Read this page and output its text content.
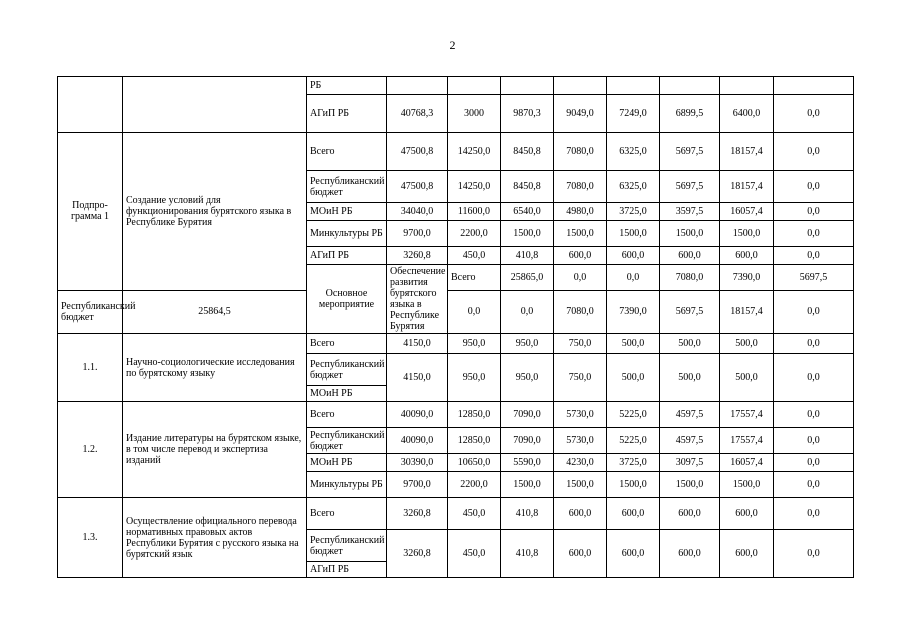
2
		РБ									
		АГиП РБ	40768,3	3000	9870,3	9049,0	7249,0	6899,5	6400,0	0,0	
Подпро-грамма 1	Создание условий для функционирования бурятского языка в Республике Бурятия	Всего	47500,8	14250,0	8450,8	7080,0	6325,0	5697,5	18157,4	0,0	
		Республиканский бюджет	47500,8	14250,0	8450,8	7080,0	6325,0	5697,5	18157,4	0,0	
		МОиН РБ	34040,0	11600,0	6540,0	4980,0	3725,0	3597,5	16057,4	0,0	
		Минкультуры РБ	9700,0	2200,0	1500,0	1500,0	1500,0	1500,0	1500,0	0,0	
		АГиП РБ	3260,8	450,0	410,8	600,0	600,0	600,0	600,0	0,0	
		Основное мероприятие	Обеспечение развития бурятского языка в Республике Бурятия	Всего	25865,0	0,0	0,0	7080,0	7390,0	5697,5			
Республиканский бюджет	25864,5			0,0	0,0	7080,0	7390,0	5697,5	18157,4	0,0	
1.1.	Научно-социологические исследования по бурятскому языку	Всего	4150,0	950,0	950,0	750,0	500,0	500,0	500,0	0,0	
		Республиканский бюджет	4150,0	950,0	950,0	750,0	500,0	500,0	500,0	0,0	
		МОиН РБ									
1.2.	Издание литературы на бурятском языке, в том числе перевод и экспертиза изданий	Всего	40090,0	12850,0	7090,0	5730,0	5225,0	4597,5	17557,4	0,0	
		Республиканский бюджет	40090,0	12850,0	7090,0	5730,0	5225,0	4597,5	17557,4	0,0	
		МОиН РБ	30390,0	10650,0	5590,0	4230,0	3725,0	3097,5	16057,4	0,0	
		Минкультуры РБ	9700,0	2200,0	1500,0	1500,0	1500,0	1500,0	1500,0	0,0	
1.3.	Осуществление официального перевода нормативных правовых актов Республики Бурятия с русского языка на бурятский язык	Всего	3260,8	450,0	410,8	600,0	600,0	600,0	600,0	0,0	
		Республиканский бюджет	3260,8	450,0	410,8	600,0	600,0	600,0	600,0	0,0	
		АГиП РБ									
